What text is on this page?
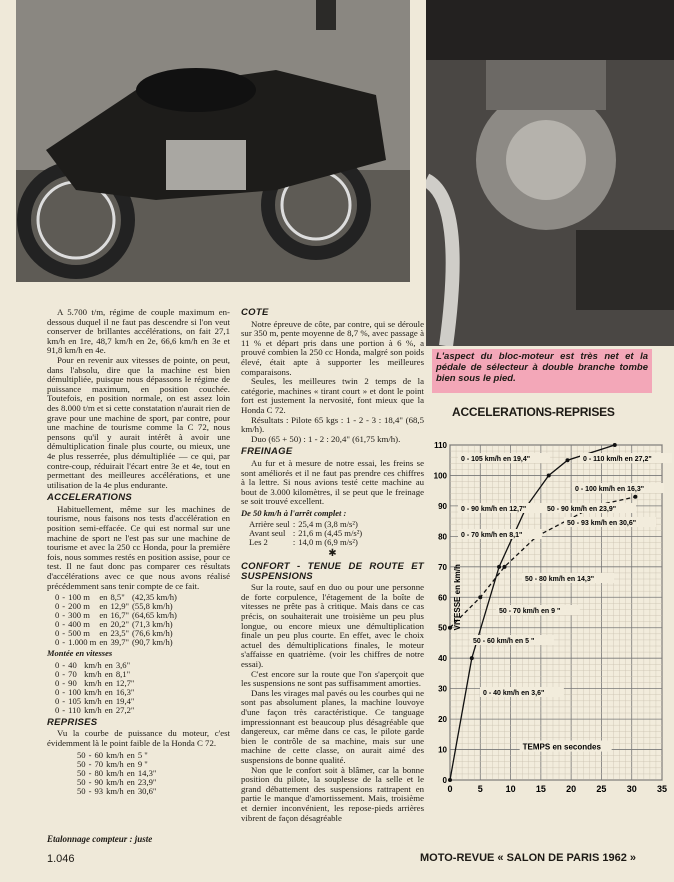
L'aspect du bloc-moteur est très net et la pédale de sélecteur à double branche tombe bien sous le pied.

A 5.700 t/m, régime de couple maximum en-dessous duquel il ne faut pas descendre si l'on veut conserver de brillantes accélérations, on fait 27,1 km/h en 1re, 48,7 km/h en 2e, 66,6 km/h en 3e et 91,8 km/h en 4e.

Pour en revenir aux vitesses de pointe, on peut, dans l'absolu, dire que la machine est bien démultipliée, puisque nous dépassons le régime de puissance maximum, en position couchée. Toutefois, en position normale, on est assez loin des 8.000 t/m et si cette constatation n'aurait rien de grave pour une machine de sport, par contre, pour une machine de tourisme comme la C 72, nous pensons qu'il y aurait intérêt à avoir une démultiplication finale plus courte, ou mieux, une 4e plus resserrée, plus démultipliée — ce qui, par contre-coup, réduirait l'écart entre 3e et 4e, tout en permettant des meilleures accélérations, et une utilisation de la 4e plus endurante.

ACCELERATIONS

Habituellement, même sur les machines de tourisme, nous faisons nos tests d'accélération en position semi-effacée. Ce qui est normal sur une machine de sport ne l'est pas sur une machine de tourisme et avec la 250 cc Honda, pour la première fois, nous sommes restés en position assise, pour ce test. Il ne faut donc pas comparer ces résultats d'accélérations avec ce que nous avons réalisé précédemment sans tenir compte de ce fait.

0	-	100 m	en	8,5"	(42,35 km/h)
0	-	200 m	en	12,9"	(55,8 km/h)
0	-	300 m	en	16,7"	(64,65 km/h)
0	-	400 m	en	20,2"	(71,3 km/h)
0	-	500 m	en	23,5"	(76,6 km/h)
0	-	1.000 m	en	39,7"	(90,7 km/h)
Montée en vitesses
0	-	40	km/h	en	3,6"
0	-	70	km/h	en	8,1"
0	-	90	km/h	en	12,7"
0	-	100	km/h	en	16,3"
0	-	105	km/h	en	19,4"
0	-	110	km/h	en	27,2"
REPRISES

Vu la courbe de puissance du moteur, c'est évidemment là le point faible de la Honda C 72.

50	-	60	km/h	en	5 "
50	-	70	km/h	en	9 "
50	-	80	km/h	en	14,3"
50	-	90	km/h	en	23,9"
50	-	93	km/h	en	30,6"
Etalonnage compteur : juste
COTE

Notre épreuve de côte, par contre, qui se déroule sur 350 m, pente moyenne de 8,7 %, avec passage à 11 % et départ pris dans une portion à 6 %, a prouvé combien la 250 cc Honda, malgré son poids élevé, était apte à supporter les meilleures comparaisons.

Seules, les meilleures twin 2 temps de la catégorie, machines « tirant court » et dont le point fort est justement la nervosité, font mieux que la Honda C 72.

Résultats : Pilote 65 kgs : 1 - 2 - 3 : 18,4" (68,5 km/h).

Duo (65 + 50) : 1 - 2 : 20,4" (61,75 km/h).

FREINAGE

Au fur et à mesure de notre essai, les freins se sont améliorés et il ne faut pas prendre ces chiffres à la lettre. Si nous avions testé cette machine au bout de 3.000 kilomètres, il se peut que le freinage se soit trouvé excellent.

De 50 km/h à l'arrêt complet :
Arrière seul	:	25,4 m (3,8 m/s²)
Avant seul	:	21,6 m (4,45 m/s²)
Les 2	:	14,0 m (6,9 m/s²)
✱
CONFORT - TENUE DE ROUTE ET SUSPENSIONS

Sur la route, sauf en duo ou pour une personne de forte corpulence, l'étagement de la boîte de vitesses ne prête pas à critique. Mais dans ce cas précis, on souhaiterait une troisième un peu plus longue, ou encore mieux une démultiplication finale un peu plus courte. En effet, avec le choix actuel des démultiplications finales, le moteur s'affaisse en quatrième. (voir les chiffres de notre essai).

C'est encore sur la route que l'on s'aperçoit que les suspensions ne sont pas suffisamment amorties.

Dans les virages mal pavés ou les courbes qui ne sont pas absolument planes, la machine louvoye d'une façon très caractéristique. Ce tanguage impressionnant est beaucoup plus désagréable que dangereux, car même dans ce cas, le pilote garde bien le contrôle de sa machine, mais sur une machine de cette classe, on aurait aimé des suspensions de bonne qualité.

Non que le confort soit à blâmer, car la bonne position du pilote, la souplesse de la selle et le grand débattement des suspensions rattrapent en partie le manque d'amortissement. Mais, troisième et dernier inconvénient, les repose-pieds arrières vibrent de façon désagréable

ACCELERATIONS-REPRISES
0	5	10 15 20 25 30 35
0
10
20
30
40
50
60
70
80
90
100
110
0 - 105 km/h en 19,4"	0 - 110 km/h en 27,2"
0 - 100 km/h en 16,3"
0 - 90 km/h en 12,7"	50 - 90 km/h en 23,9"
50 - 93 km/h en 30,6"
0 - 70 km/h en 8,1"
50 - 80 km/h en 14,3"
50 - 70 km/h en 9 "
50 - 60 km/h en 5 "
0 - 40 km/h en 3,6"
VITESSE en km/h
TEMPS en secondes
1.046	MOTO-REVUE « SALON DE PARIS 1962 »
